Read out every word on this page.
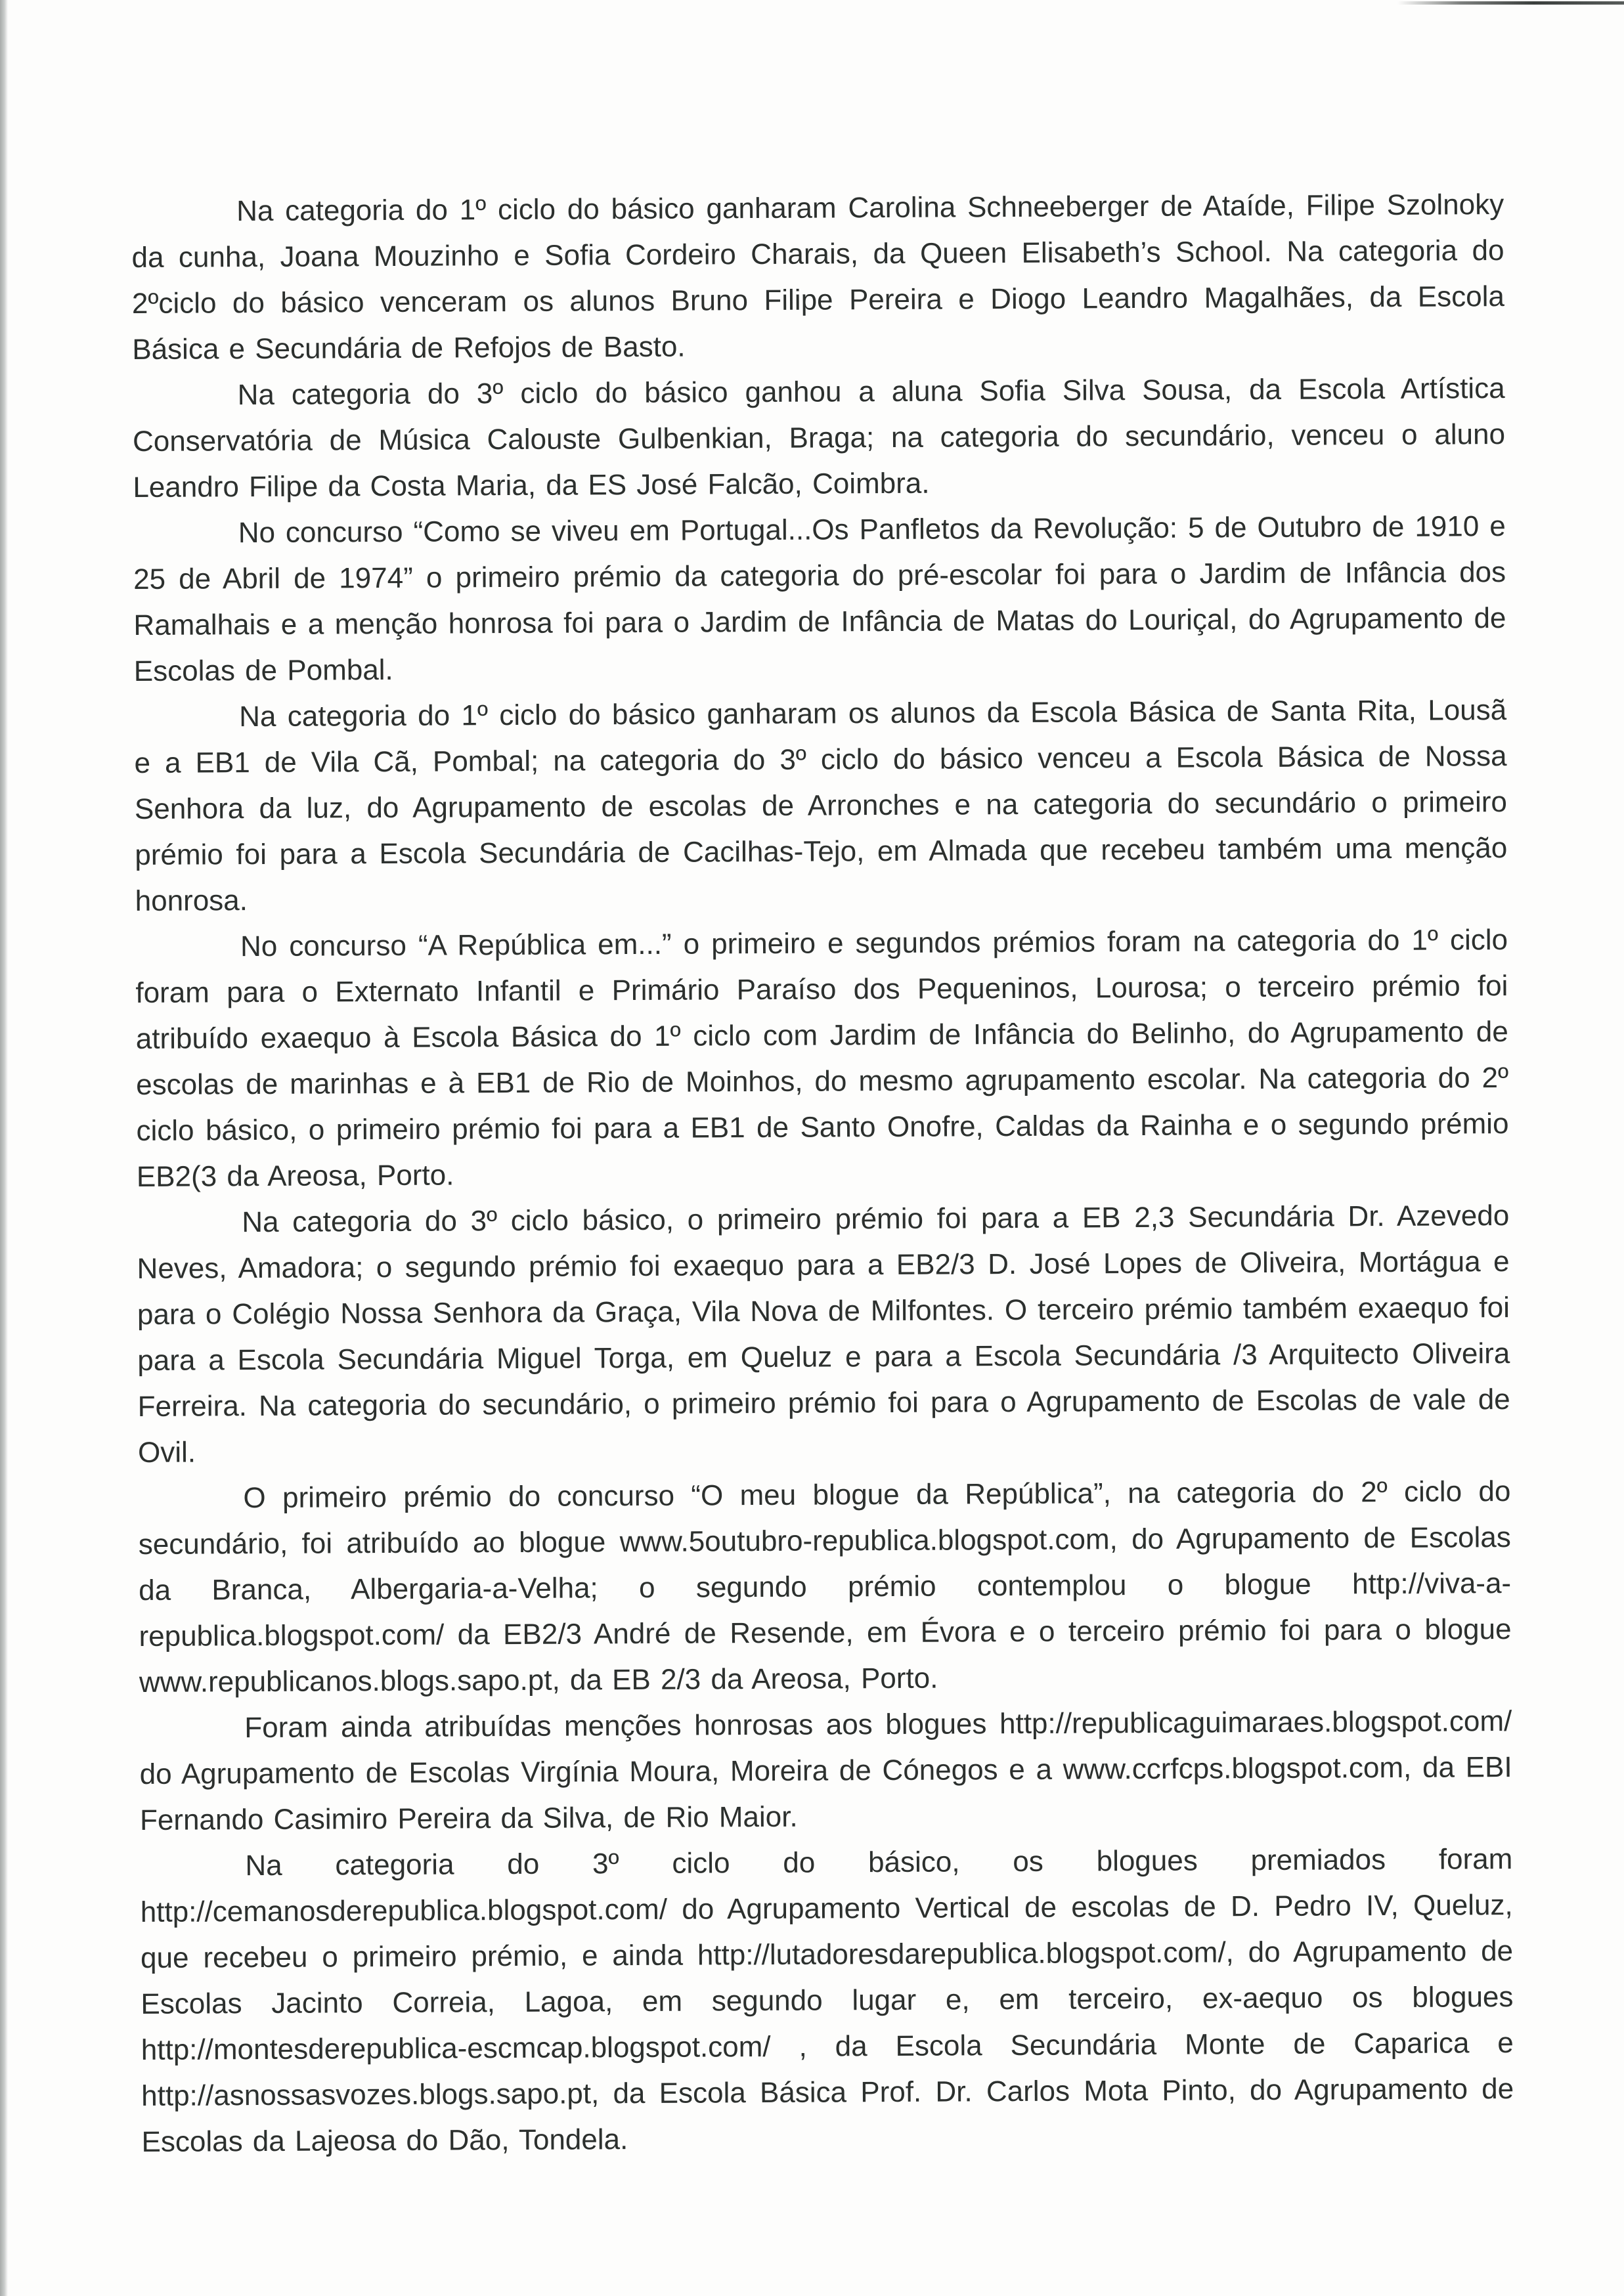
Na categoria do 1º ciclo do básico ganharam Carolina Schneeberger de Ataíde, Filipe Szolnoky da cunha, Joana Mouzinho e Sofia Cordeiro Charais, da Queen Elisabeth’s School. Na categoria do 2ºciclo do básico venceram os alunos Bruno Filipe Pereira e Diogo Leandro Magalhães, da Escola Básica e Secundária de Refojos de Basto.

Na categoria do 3º ciclo do básico ganhou a aluna Sofia Silva Sousa, da Escola Artística Conservatória de Música Calouste Gulbenkian, Braga; na categoria do secundário, venceu o aluno Leandro Filipe da Costa Maria, da ES José Falcão, Coimbra.

No concurso “Como se viveu em Portugal...Os Panfletos da Revolução: 5 de Outubro de 1910 e 25 de Abril de 1974” o primeiro prémio da categoria do pré-escolar foi para o Jardim de Infância dos Ramalhais e a menção honrosa foi para o Jardim de Infância de Matas do Louriçal, do Agrupamento de Escolas de Pombal.

Na categoria do 1º ciclo do básico ganharam os alunos da Escola Básica de Santa Rita, Lousã e a EB1 de Vila Cã, Pombal; na categoria do 3º ciclo do básico venceu a Escola Básica de Nossa Senhora da luz, do Agrupamento de escolas de Arronches e na categoria do secundário o primeiro prémio foi para a Escola Secundária de Cacilhas-Tejo, em Almada que recebeu também uma menção honrosa.

No concurso “A República em...” o primeiro e segundos prémios foram na categoria do 1º ciclo foram para o Externato Infantil e Primário Paraíso dos Pequeninos, Lourosa; o terceiro prémio foi atribuído exaequo à Escola Básica do 1º ciclo com Jardim de Infância do Belinho, do Agrupamento de escolas de marinhas e à EB1 de Rio de Moinhos, do mesmo agrupamento escolar. Na categoria do 2º ciclo básico, o primeiro prémio foi para a EB1 de Santo Onofre, Caldas da Rainha e o segundo prémio EB2(3 da Areosa, Porto.

Na categoria do 3º ciclo básico, o primeiro prémio foi para a EB 2,3 Secundária Dr. Azevedo Neves, Amadora; o segundo prémio foi exaequo para a EB2/3 D. José Lopes de Oliveira, Mortágua e para o Colégio Nossa Senhora da Graça, Vila Nova de Milfontes. O terceiro prémio também exaequo foi para a Escola Secundária Miguel Torga, em Queluz e para a Escola Secundária /3 Arquitecto Oliveira Ferreira. Na categoria do secundário, o primeiro prémio foi para o Agrupamento de Escolas de vale de Ovil.

O primeiro prémio do concurso “O meu blogue da República”, na categoria do 2º ciclo do secundário, foi atribuído ao blogue www.5outubro-republica.blogspot.com, do Agrupamento de Escolas da Branca, Albergaria-a-Velha; o segundo prémio contemplou o blogue http://viva-a-republica.blogspot.com/ da EB2/3 André de Resende, em Évora e o terceiro prémio foi para o blogue www.republicanos.blogs.sapo.pt, da EB 2/3 da Areosa, Porto.

Foram ainda atribuídas menções honrosas aos blogues http://republicaguimaraes.blogspot.com/ do Agrupamento de Escolas Virgínia Moura, Moreira de Cónegos e a www.ccrfcps.blogspot.com, da EBI Fernando Casimiro Pereira da Silva, de Rio Maior.

Na categoria do 3º ciclo do básico, os blogues premiados foram http://cemanosderepublica.blogspot.com/ do Agrupamento Vertical de escolas de D. Pedro IV, Queluz, que recebeu o primeiro prémio, e ainda http://lutadoresdarepublica.blogspot.com/, do Agrupamento de Escolas Jacinto Correia, Lagoa, em segundo lugar e, em terceiro, ex-aequo os blogues http://montesderepublica-escmcap.blogspot.com/ , da Escola Secundária Monte de Caparica e http://asnossasvozes.blogs.sapo.pt, da Escola Básica Prof. Dr. Carlos Mota Pinto, do Agrupamento de Escolas da Lajeosa do Dão, Tondela.
